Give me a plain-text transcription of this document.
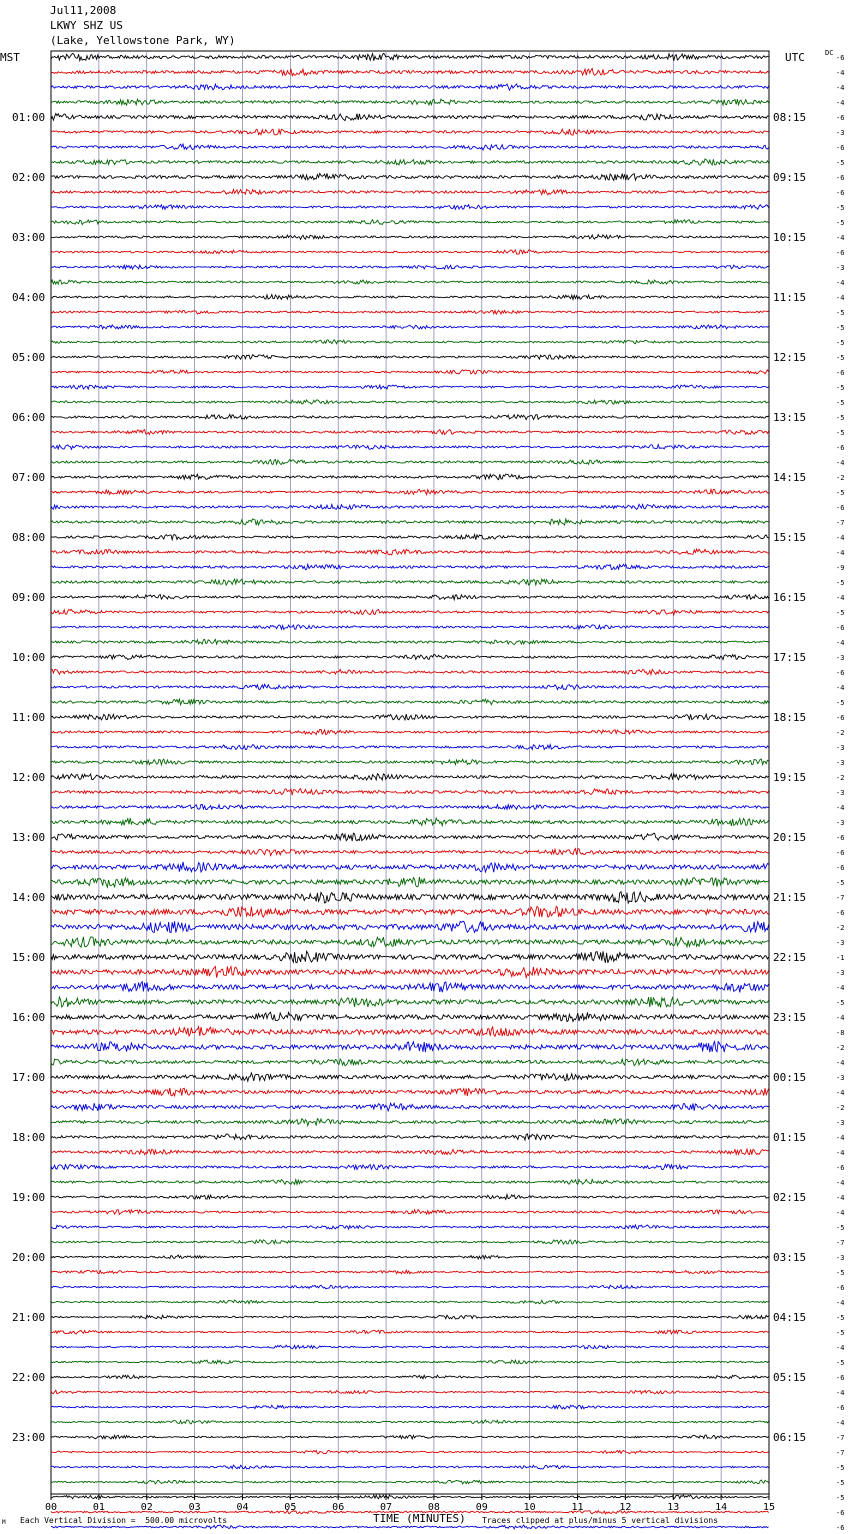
Jul11,2008
LKWY SHZ US
(Lake, Yellowstone Park, WY)
MST	UTC	DC
00	01	02	03	04	05	06	07	08	09	10	11	12	13	14	15
-6
-4
-4
-4
-6
-3
-6
-5
-6
-6
-5
-5
-4
-6
-3
-4
-4
-5
-5
-5
-5
-6
-5
-5
-5
-5
-6
-4
-2
-5
-6
-7
-4
-4
-9
-5
-4
-5
-6
-4
-3
-6
-4
-5
-6
-2
-3
-3
-2
-3
-4
-3
-6
-6
-6
-5
-7
-6
-2
-3
-1
-3
-4
-5
-4
-8
-2
-4
-3
-4
-2
-3
-4
-4
-6
-4
-4
-4
-5
-7
-3
-5
-6
-4
-5
-5
-4
-5
-6
-4
-6
-4
-7
-7
-5
-5
-5
-6
-6
01:00
02:00
03:00
04:00
05:00
06:00
07:00
08:00
09:00
10:00
11:00
12:00
13:00
14:00
15:00
16:00
17:00
18:00
19:00
20:00
21:00
22:00
23:00
08:15
09:15
10:15
11:15
12:15
13:15
14:15
15:15
16:15
17:15
18:15
19:15
20:15
21:15
22:15
23:15
00:15
01:15
02:15
03:15
04:15
05:15
06:15
TIME (MINUTES)
Each Vertical Division =  500.00 microvolts	Traces clipped at plus/minus 5 vertical divisions
M
